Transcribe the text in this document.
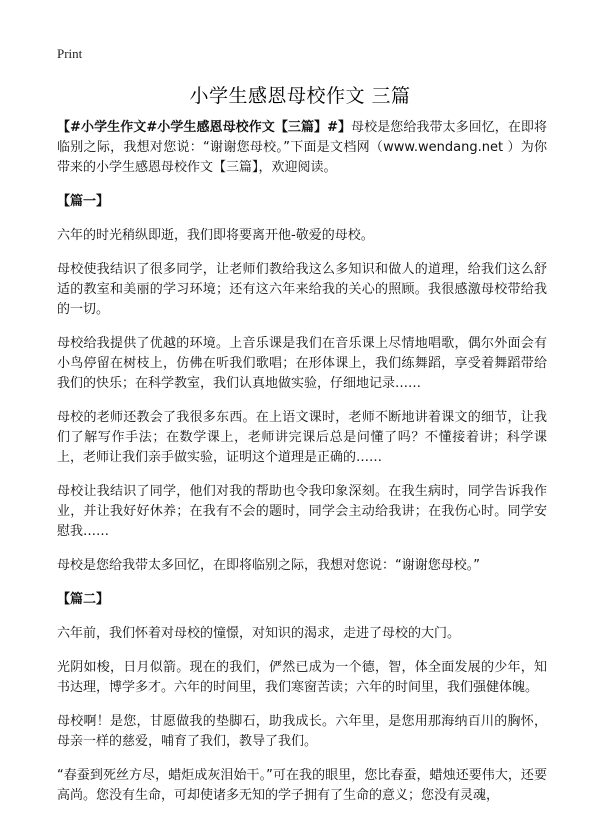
Print
小学生感恩母校作文 三篇

【#小学生作文#小学生感恩母校作文【三篇】#】母校是您给我带太多回忆，在即将临别之际，我想对您说：“谢谢您母校。”下面是文档网（www.wendang.net ）为你带来的小学生感恩母校作文【三篇】，欢迎阅读。

【篇一】

六年的时光稍纵即逝，我们即将要离开他-敬爱的母校。

母校使我结识了很多同学，让老师们教给我这么多知识和做人的道理，给我们这么舒适的教室和美丽的学习环境；还有这六年来给我的关心的照顾。我很感激母校带给我的一切。

母校给我提供了优越的环境。上音乐课是我们在音乐课上尽情地唱歌，偶尔外面会有小鸟停留在树枝上，仿佛在听我们歌唱；在形体课上，我们练舞蹈，享受着舞蹈带给我们的快乐；在科学教室，我们认真地做实验，仔细地记录……

母校的老师还教会了我很多东西。在上语文课时，老师不断地讲着课文的细节，让我们了解写作手法；在数学课上，老师讲完课后总是问懂了吗？不懂接着讲；科学课上，老师让我们亲手做实验，证明这个道理是正确的……

母校让我结识了同学，他们对我的帮助也令我印象深刻。在我生病时，同学告诉我作业，并让我好好休养；在我有不会的题时，同学会主动给我讲；在我伤心时。同学安慰我……

母校是您给我带太多回忆，在即将临别之际，我想对您说：“谢谢您母校。”

【篇二】

六年前，我们怀着对母校的憧憬，对知识的渴求，走进了母校的大门。

光阴如梭，日月似箭。现在的我们，俨然已成为一个德，智，体全面发展的少年，知书达理，博学多才。六年的时间里，我们寒窗苦读；六年的时间里，我们强健体魄。

母校啊！是您，甘愿做我的垫脚石，助我成长。六年里，是您用那海纳百川的胸怀，母亲一样的慈爱，哺育了我们，教导了我们。

“春蚕到死丝方尽，蜡炬成灰泪始干。”可在我的眼里，您比春蚕，蜡烛还要伟大，还要高尚。您没有生命，可却使诸多无知的学子拥有了生命的意义；您没有灵魂，
